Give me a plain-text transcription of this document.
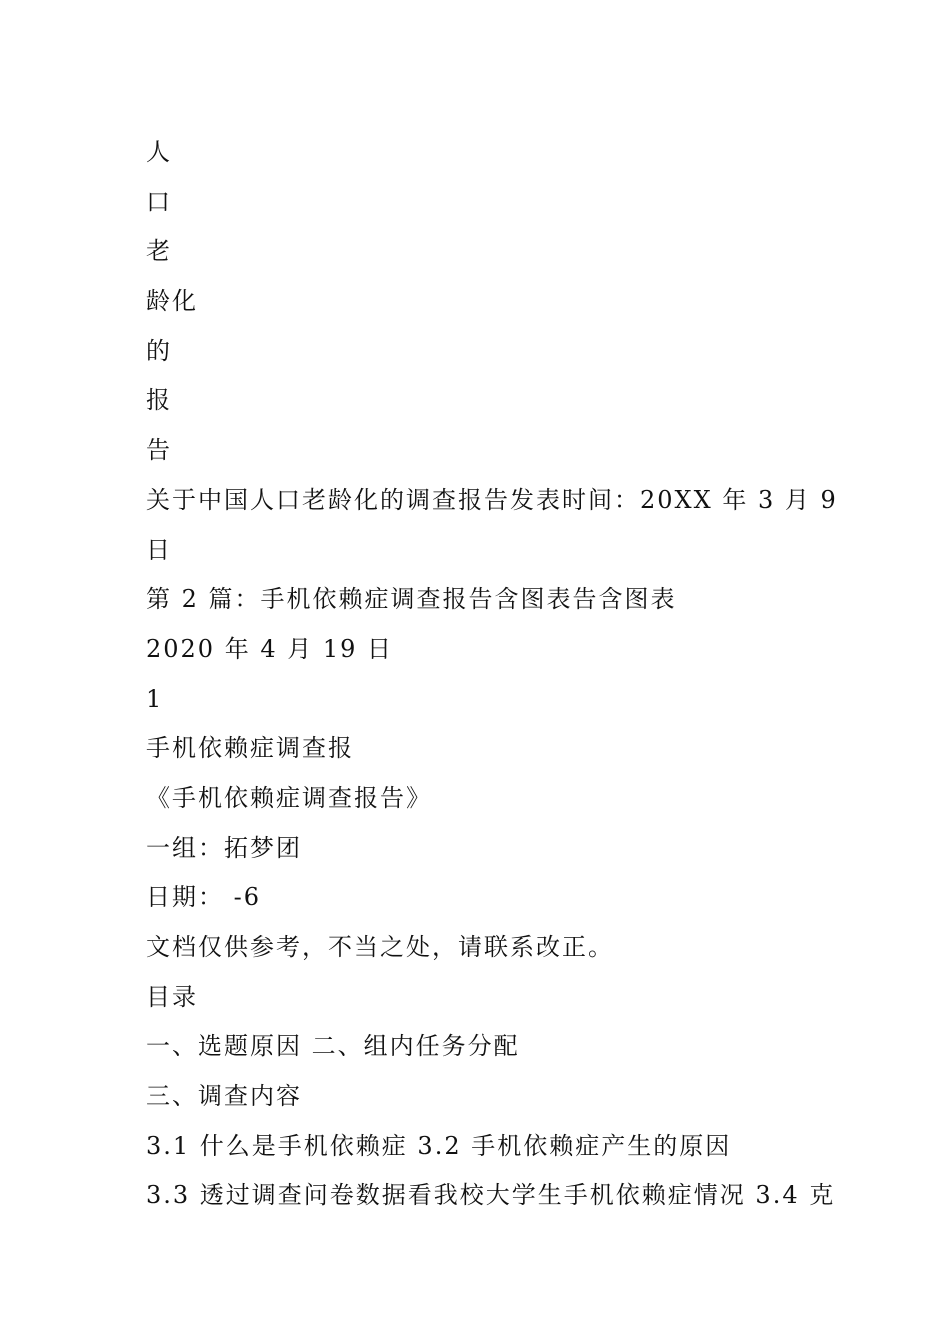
人
口
老
龄化
的
报
告
关于中国人口老龄化的调查报告发表时间：20XX 年 3 月 9
日
第 2 篇：手机依赖症调查报告含图表告含图表
2020 年 4 月 19 日
1
手机依赖症调查报
《手机依赖症调查报告》
一组：拓梦团
日期： -6
文档仅供参考，不当之处，请联系改正。
目录
一、选题原因 二、组内任务分配
三、调查内容
3.1 什么是手机依赖症 3.2 手机依赖症产生的原因
3.3 透过调查问卷数据看我校大学生手机依赖症情况 3.4 克
